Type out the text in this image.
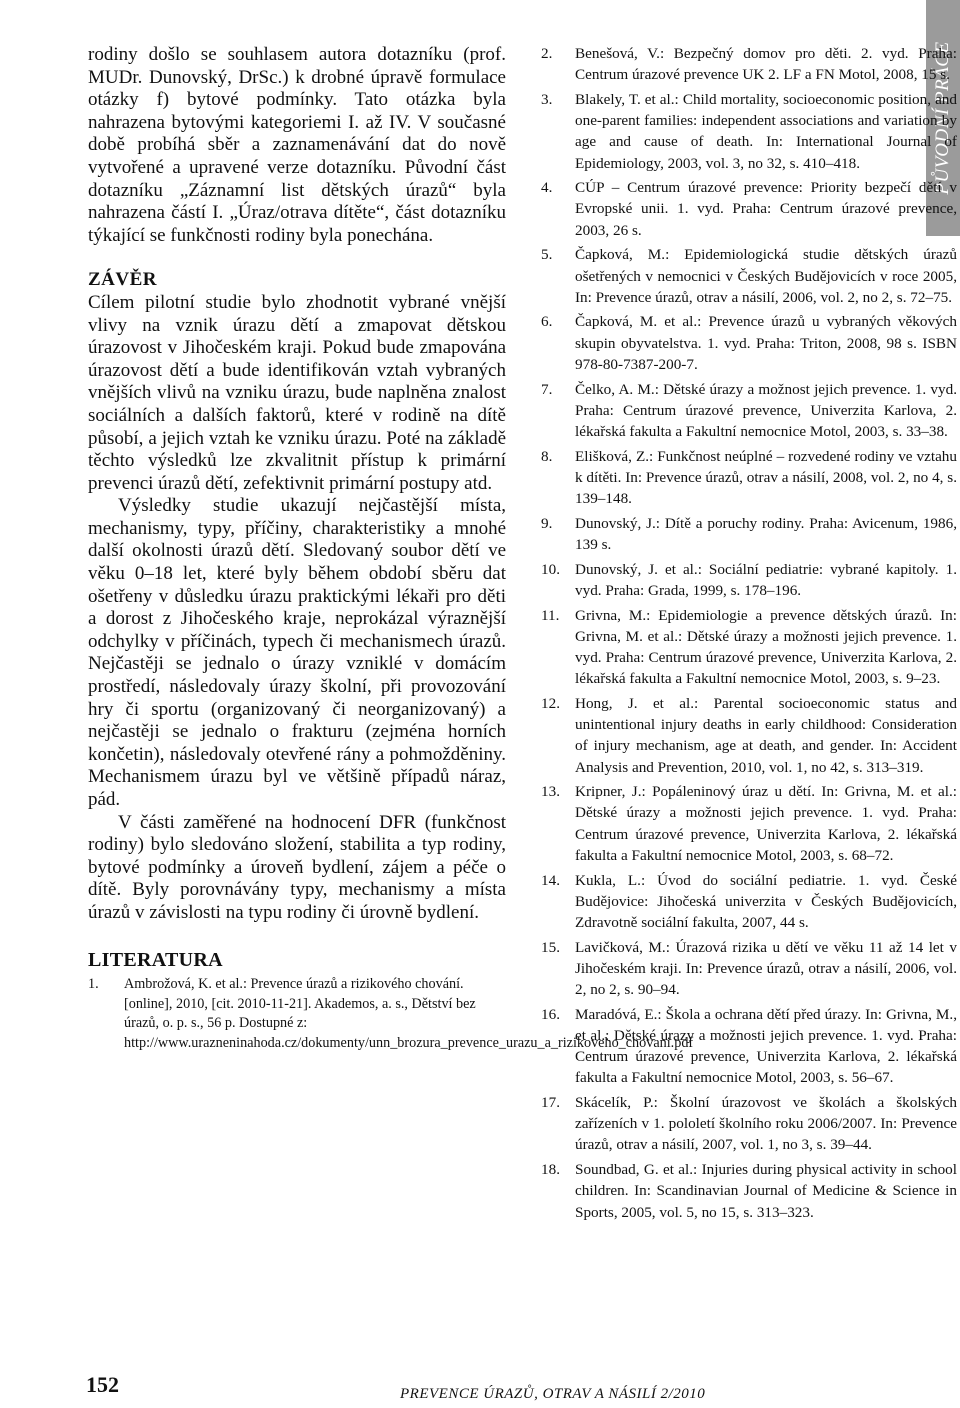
PŮVODNÍ PRÁCE

rodiny došlo se souhlasem autora dotazníku (prof. MUDr. Dunovský, DrSc.) k drobné úpravě formulace otázky f) bytové podmínky. Tato otázka byla nahrazena bytovými kategoriemi I. až IV. V současné době probíhá sběr a zaznamenávání dat do nově vytvořené a upravené verze dotazníku. Původní část dotazníku „Záznamní list dětských úrazů“ byla nahrazena částí I. „Úraz/otrava dítěte“, část dotazníku týkající se funkčnosti rodiny byla ponechána.

ZÁVĚR

Cílem pilotní studie bylo zhodnotit vybrané vnější vlivy na vznik úrazu dětí a zmapovat dětskou úrazovost v Jihočeském kraji. Pokud bude zmapována úrazovost dětí a bude identifikován vztah vybraných vnějších vlivů na vzniku úrazu, bude naplněna znalost sociálních a dalších faktorů, které v rodině na dítě působí, a jejich vztah ke vzniku úrazu. Poté na základě těchto výsledků lze zkvalitnit přístup k primární prevenci úrazů dětí, zefektivnit primární postupy atd.

Výsledky studie ukazují nejčastější místa, mechanismy, typy, příčiny, charakteristiky a mnohé další okolnosti úrazů dětí. Sledovaný soubor dětí ve věku 0–18 let, které byly během období sběru dat ošetřeny v důsledku úrazu praktickými lékaři pro děti a dorost z Jihočeského kraje, neprokázal výraznější odchylky v příčinách, typech či mechanismech úrazů. Nejčastěji se jednalo o úrazy vzniklé v domácím prostředí, následovaly úrazy školní, při provozování hry či sportu (organizovaný či neorganizovaný) a nejčastěji se jednalo o frakturu (zejména horních končetin), následovaly otevřené rány a pohmožděniny. Mechanismem úrazu byl ve většině případů náraz, pád.

V části zaměřené na hodnocení DFR (funkčnost rodiny) bylo sledováno složení, stabilita a typ rodiny, bytové podmínky a úroveň bydlení, zájem a péče o dítě. Byly porovnávány typy, mechanismy a místa úrazů v závislosti na typu rodiny či úrovně bydlení.

LITERATURA
1. Ambrožová, K. et al.: Prevence úrazů a rizikového chování. [online], 2010, [cit. 2010-11-21]. Akademos, a. s., Dětství bez úrazů, o. p. s., 56 p. Dostupné z: http://www.urazneninahoda.cz/dokumenty/unn_brozura_prevence_urazu_a_rizikoveho_chovani.pdf
2. Benešová, V.: Bezpečný domov pro děti. 2. vyd. Praha: Centrum úrazové prevence UK 2. LF a FN Motol, 2008, 15 s.
3. Blakely, T. et al.: Child mortality, socioeconomic position, and one-parent families: independent associations and variation by age and cause of death. In: International Journal of Epidemiology, 2003, vol. 3, no 32, s. 410–418.
4. CÚP – Centrum úrazové prevence: Priority bezpečí dětí v Evropské unii. 1. vyd. Praha: Centrum úrazové prevence, 2003, 26 s.
5. Čapková, M.: Epidemiologická studie dětských úrazů ošetřených v nemocnici v Českých Budějovicích v roce 2005, In: Prevence úrazů, otrav a násilí, 2006, vol. 2, no 2, s. 72–75.
6. Čapková, M. et al.: Prevence úrazů u vybraných věkových skupin obyvatelstva. 1. vyd. Praha: Triton, 2008, 98 s. ISBN 978-80-7387-200-7.
7. Čelko, A. M.: Dětské úrazy a možnost jejich prevence. 1. vyd. Praha: Centrum úrazové prevence, Univerzita Karlova, 2. lékařská fakulta a Fakultní nemocnice Motol, 2003, s. 33–38.
8. Elišková, Z.: Funkčnost neúplné – rozvedené rodiny ve vztahu k dítěti. In: Prevence úrazů, otrav a násilí, 2008, vol. 2, no 4, s. 139–148.
9. Dunovský, J.: Dítě a poruchy rodiny. Praha: Avicenum, 1986, 139 s.
10. Dunovský, J. et al.: Sociální pediatrie: vybrané kapitoly. 1. vyd. Praha: Grada, 1999, s. 178–196.
11. Grivna, M.: Epidemiologie a prevence dětských úrazů. In: Grivna, M. et al.: Dětské úrazy a možnosti jejich prevence. 1. vyd. Praha: Centrum úrazové prevence, Univerzita Karlova, 2. lékařská fakulta a Fakultní nemocnice Motol, 2003, s. 9–23.
12. Hong, J. et al.: Parental socioeconomic status and unintentional injury deaths in early childhood: Consideration of injury mechanism, age at death, and gender. In: Accident Analysis and Prevention, 2010, vol. 1, no 42, s. 313–319.
13. Kripner, J.: Popáleninový úraz u dětí. In: Grivna, M. et al.: Dětské úrazy a možnosti jejich prevence. 1. vyd. Praha: Centrum úrazové prevence, Univerzita Karlova, 2. lékařská fakulta a Fakultní nemocnice Motol, 2003, s. 68–72.
14. Kukla, L.: Úvod do sociální pediatrie. 1. vyd. České Budějovice: Jihočeská univerzita v Českých Budějovicích, Zdravotně sociální fakulta, 2007, 44 s.
15. Lavičková, M.: Úrazová rizika u dětí ve věku 11 až 14 let v Jihočeském kraji. In: Prevence úrazů, otrav a násilí, 2006, vol. 2, no 2, s. 90–94.
16. Maradóvá, E.: Škola a ochrana dětí před úrazy. In: Grivna, M., et al.: Dětské úrazy a možnosti jejich prevence. 1. vyd. Praha: Centrum úrazové prevence, Univerzita Karlova, 2. lékařská fakulta a Fakultní nemocnice Motol, 2003, s. 56–67.
17. Skácelík, P.: Školní úrazovost ve školách a školských zařízeních v 1. pololetí školního roku 2006/2007. In: Prevence úrazů, otrav a násilí, 2007, vol. 1, no 3, s. 39–44.
18. Soundbad, G. et al.: Injuries during physical activity in school children. In: Scandinavian Journal of Medicine & Science in Sports, 2005, vol. 5, no 15, s. 313–323.
152	PREVENCE ÚRAZŮ, OTRAV A NÁSILÍ 2/2010
